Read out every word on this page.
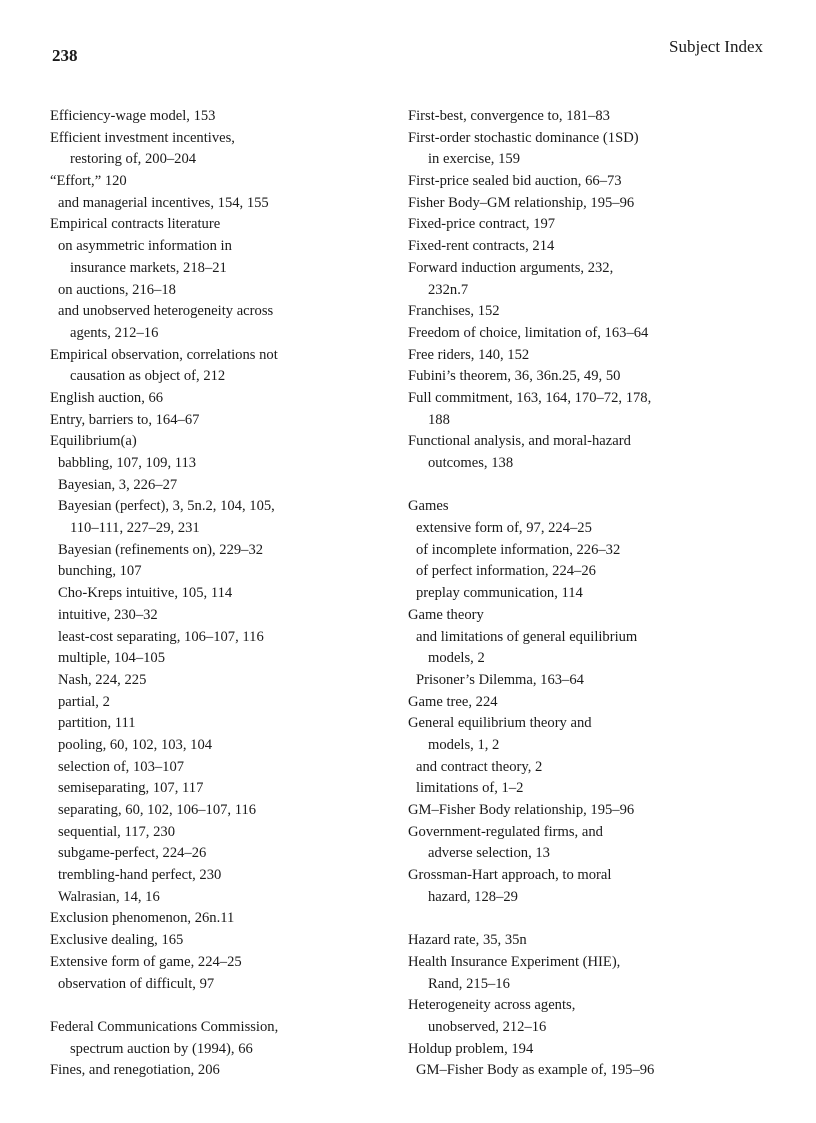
238	Subject Index
Efficiency-wage model, 153
Efficient investment incentives,
restoring of, 200–204
“Effort,” 120
and managerial incentives, 154, 155
Empirical contracts literature
on asymmetric information in
insurance markets, 218–21
on auctions, 216–18
and unobserved heterogeneity across
agents, 212–16
Empirical observation, correlations not
causation as object of, 212
English auction, 66
Entry, barriers to, 164–67
Equilibrium(a)
babbling, 107, 109, 113
Bayesian, 3, 226–27
Bayesian (perfect), 3, 5n.2, 104, 105,
110–111, 227–29, 231
Bayesian (refinements on), 229–32
bunching, 107
Cho-Kreps intuitive, 105, 114
intuitive, 230–32
least-cost separating, 106–107, 116
multiple, 104–105
Nash, 224, 225
partial, 2
partition, 111
pooling, 60, 102, 103, 104
selection of, 103–107
semiseparating, 107, 117
separating, 60, 102, 106–107, 116
sequential, 117, 230
subgame-perfect, 224–26
trembling-hand perfect, 230
Walrasian, 14, 16
Exclusion phenomenon, 26n.11
Exclusive dealing, 165
Extensive form of game, 224–25
observation of difficult, 97
Federal Communications Commission,
spectrum auction by (1994), 66
Fines, and renegotiation, 206
First-best, convergence to, 181–83
First-order stochastic dominance (1SD)
in exercise, 159
First-price sealed bid auction, 66–73
Fisher Body–GM relationship, 195–96
Fixed-price contract, 197
Fixed-rent contracts, 214
Forward induction arguments, 232,
232n.7
Franchises, 152
Freedom of choice, limitation of, 163–64
Free riders, 140, 152
Fubini’s theorem, 36, 36n.25, 49, 50
Full commitment, 163, 164, 170–72, 178,
188
Functional analysis, and moral-hazard
outcomes, 138
Games
extensive form of, 97, 224–25
of incomplete information, 226–32
of perfect information, 224–26
preplay communication, 114
Game theory
and limitations of general equilibrium
models, 2
Prisoner’s Dilemma, 163–64
Game tree, 224
General equilibrium theory and
models, 1, 2
and contract theory, 2
limitations of, 1–2
GM–Fisher Body relationship, 195–96
Government-regulated firms, and
adverse selection, 13
Grossman-Hart approach, to moral
hazard, 128–29
Hazard rate, 35, 35n
Health Insurance Experiment (HIE),
Rand, 215–16
Heterogeneity across agents,
unobserved, 212–16
Holdup problem, 194
GM–Fisher Body as example of, 195–96
